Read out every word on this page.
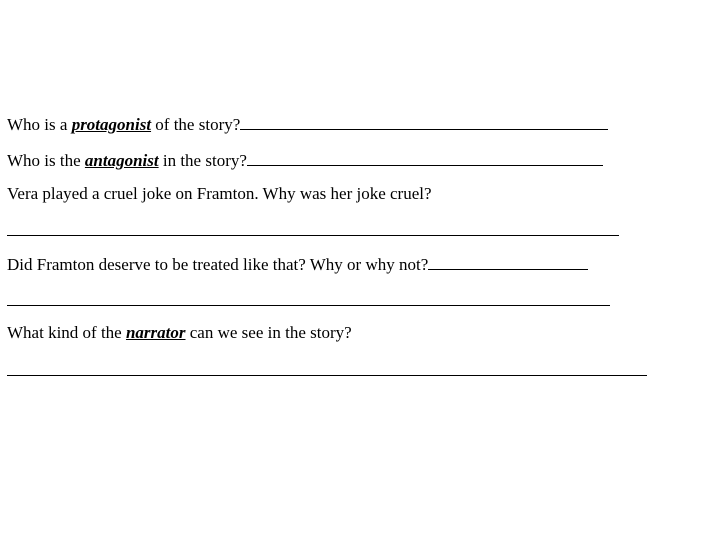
Who is a protagonist of the story?
Who is the antagonist in the story?
Vera played a cruel joke on Framton. Why was her joke cruel?
Did Framton deserve to be treated like that? Why or why not?
What kind of the narrator can we see in the story?
